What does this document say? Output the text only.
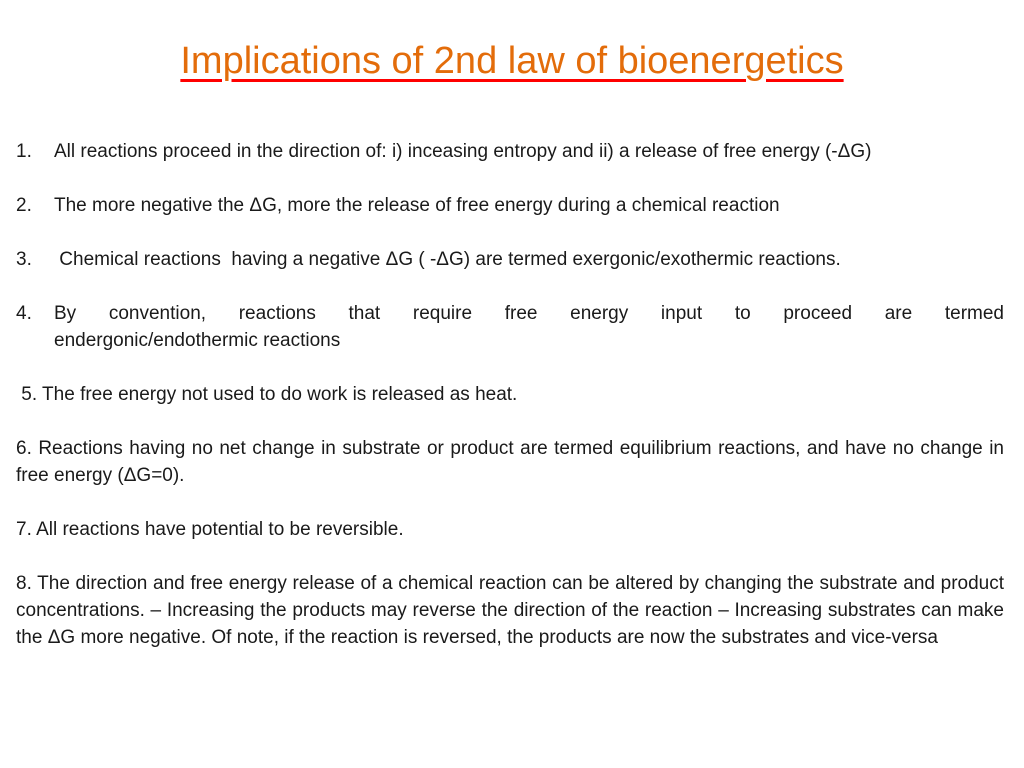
Implications of 2nd law of bioenergetics
1.	All reactions proceed in the direction of: i) inceasing entropy and ii) a release of free energy (-ΔG)
2.	The more negative the ΔG, more the release of free energy during a chemical reaction
3.	Chemical reactions  having a negative ΔG ( -ΔG) are termed exergonic/exothermic reactions.
4.	By convention, reactions that require free energy input to proceed are termed
endergonic/endothermic reactions

5. The free energy not used to do work is released as heat.

6. Reactions having no net change in substrate or product are termed equilibrium reactions, and have no change in free energy (ΔG=0).

7. All reactions have potential to be reversible.

8. The direction and free energy release of a chemical reaction can be altered by changing the substrate and product concentrations. – Increasing the products may reverse the direction of the reaction – Increasing substrates can make the ΔG more negative. Of note, if the reaction is reversed, the products are now the substrates and vice-versa
